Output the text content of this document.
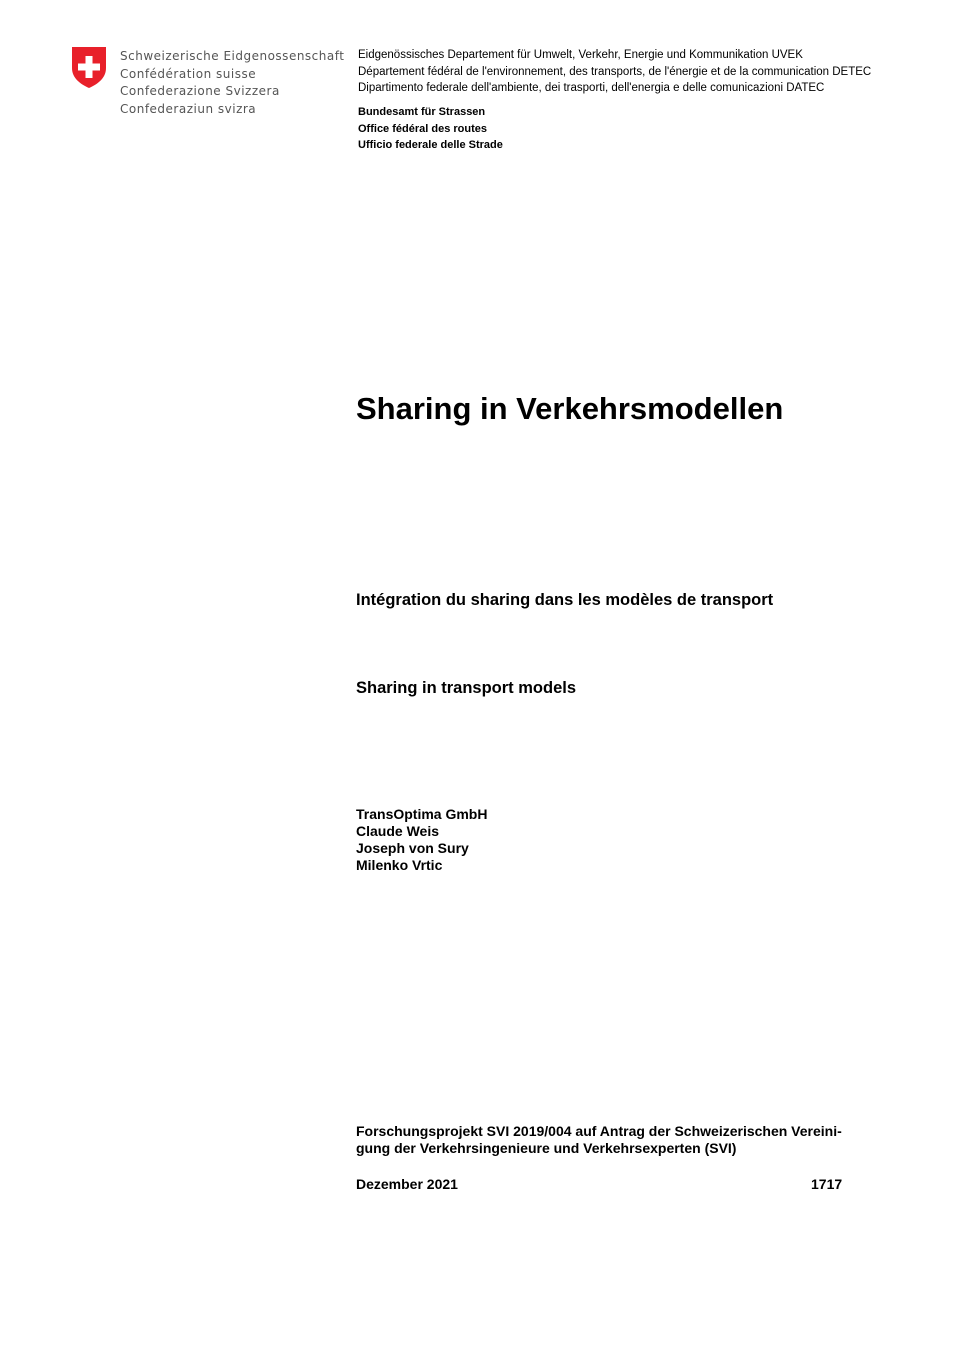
Schweizerische Eidgenossenschaft
Confédération suisse
Confederazione Svizzera
Confederaziun svizra
Eidgenössisches Departement für Umwelt, Verkehr, Energie und Kommunikation UVEK
Département fédéral de l'environnement, des transports, de l'énergie et de la communication DETEC
Dipartimento federale dell'ambiente, dei trasporti, dell'energia e delle comunicazioni DATEC
Bundesamt für Strassen
Office fédéral des routes
Ufficio federale delle Strade
Sharing in Verkehrsmodellen
Intégration du sharing dans les modèles de transport
Sharing in transport models
TransOptima GmbH
Claude Weis
Joseph von Sury
Milenko Vrtic
Forschungsprojekt SVI 2019/004 auf Antrag der Schweizerischen Vereini-
gung der Verkehrsingenieure und Verkehrsexperten (SVI)
Dezember 2021	1717
